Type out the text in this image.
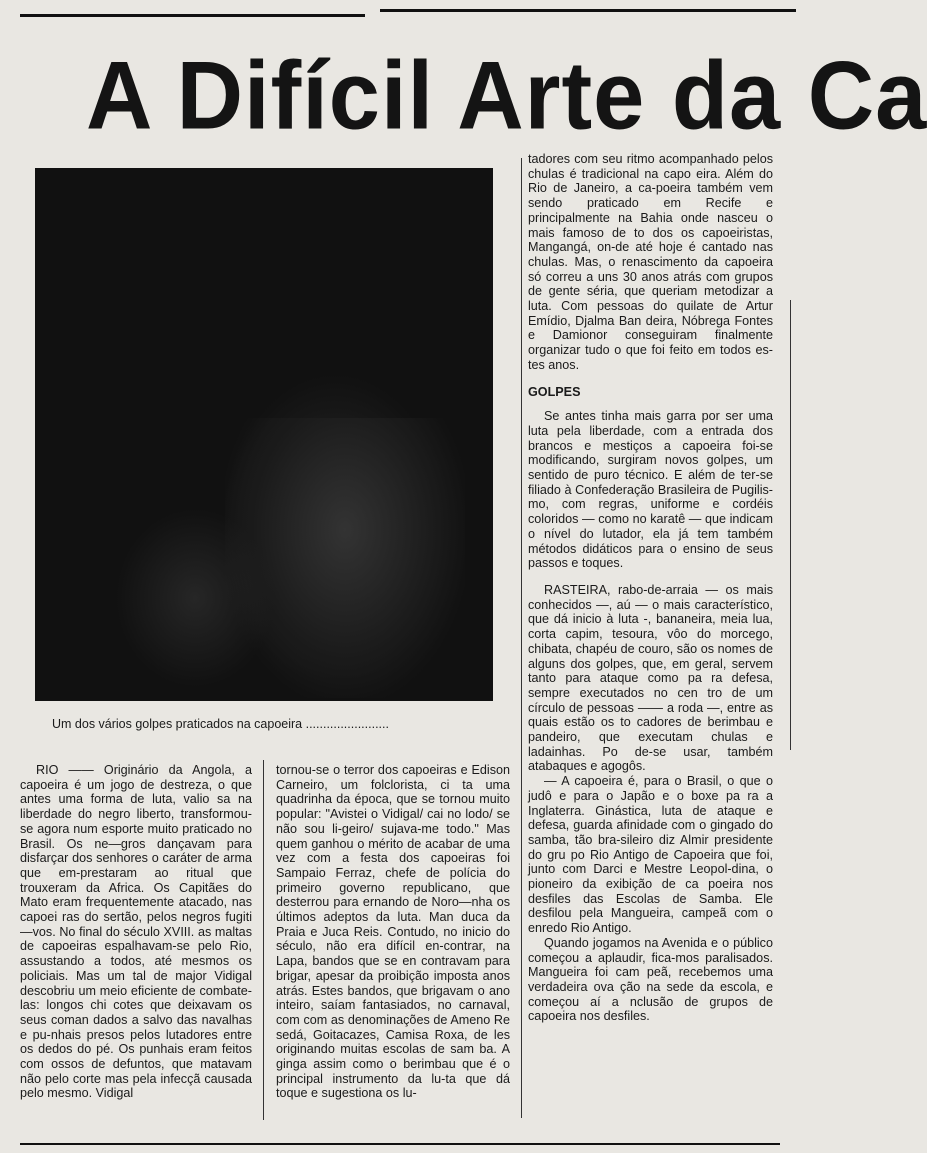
A Difícil Arte da Ca
Um dos vários golpes praticados na capoeira ........................

RIO —— Originário da Angola, a capoeira é um jogo de destreza, o que antes uma forma de luta, valio sa na liberdade do negro liberto, transformou-se agora num esporte muito praticado no Brasil. Os ne—gros dançavam para disfarçar dos senhores o caráter de arma que em-prestaram ao ritual que trouxeram da Africa. Os Capitães do Mato eram frequentemente atacado, nas capoei ras do sertão, pelos negros fugiti—vos. No final do século XVIII. as maltas de capoeiras espalhavam-se pelo Rio, assustando a todos, até mesmos os policiais. Mas um tal de major Vidigal descobriu um meio eficiente de combate-las: longos chi cotes que deixavam os seus coman dados a salvo das navalhas e pu-nhais presos pelos lutadores entre os dedos do pé. Os punhais eram feitos com ossos de defuntos, que matavam não pelo corte mas pela infecçã causada pelo mesmo. Vidigal

tornou-se o terror dos capoeiras e Edison Carneiro, um folclorista, ci ta uma quadrinha da época, que se tornou muito popular: "Avistei o Vidigal/ cai no lodo/ se não sou li-geiro/ sujava-me todo." Mas quem ganhou o mérito de acabar de uma vez com a festa dos capoeiras foi Sampaio Ferraz, chefe de polícia do primeiro governo republicano, que desterrou para ernando de Noro—nha os últimos adeptos da luta. Man duca da Praia e Juca Reis. Contudo, no inicio do século, não era difícil en-contrar, na Lapa, bandos que se en contravam para brigar, apesar da proibição imposta anos atrás. Estes bandos, que brigavam o ano inteiro, saíam fantasiados, no carnaval, com com as denominações de Ameno Re sedá, Goitacazes, Camisa Roxa, de les originando muitas escolas de sam ba. A ginga assim como o berimbau que é o principal instrumento da lu-ta que dá toque e sugestiona os lu-

tadores com seu ritmo acompanhado pelos chulas é tradicional na capo eira. Além do Rio de Janeiro, a ca-poeira também vem sendo praticado em Recife e principalmente na Bahia onde nasceu o mais famoso de to dos os capoeiristas, Mangangá, on-de até hoje é cantado nas chulas. Mas, o renascimento da capoeira só correu a uns 30 anos atrás com grupos de gente séria, que queriam metodizar a luta. Com pessoas do quilate de Artur Emídio, Djalma Ban deira, Nóbrega Fontes e Damionor conseguiram finalmente organizar tudo o que foi feito em todos es-tes anos.

GOLPES

Se antes tinha mais garra por ser uma luta pela liberdade, com a entrada dos brancos e mestiços a capoeira foi-se modificando, surgiram novos golpes, um sentido de puro técnico. E além de ter-se filiado à Confederação Brasileira de Pugilis-mo, com regras, uniforme e cordéis coloridos — como no karatê — que indicam o nível do lutador, ela já tem também métodos didáticos para o ensino de seus passos e toques.

RASTEIRA, rabo-de-arraia — os mais conhecidos —, aú — o mais característico, que dá inicio à luta -, bananeira, meia lua, corta capim, tesoura, vôo do morcego, chibata, chapéu de couro, são os nomes de alguns dos golpes, que, em geral, servem tanto para ataque como pa ra defesa, sempre executados no cen tro de um círculo de pessoas —— a roda —, entre as quais estão os to cadores de berimbau e pandeiro, que executam chulas e ladainhas. Po de-se usar, também atabaques e agogôs.

— A capoeira é, para o Brasil, o que o judô e para o Japão e o boxe pa ra a Inglaterra. Ginástica, luta de ataque e defesa, guarda afinidade com o gingado do samba, tão bra-sileiro diz Almir presidente do gru po Rio Antigo de Capoeira que foi, junto com Darci e Mestre Leopol-dina, o pioneiro da exibição de ca poeira nos desfiles das Escolas de Samba. Ele desfilou pela Mangueira, campeã com o enredo Rio Antigo.

Quando jogamos na Avenida e o público começou a aplaudir, fica-mos paralisados. Mangueira foi cam peã, recebemos uma verdadeira ova ção na sede da escola, e começou aí a nclusão de grupos de capoeira nos desfiles.
